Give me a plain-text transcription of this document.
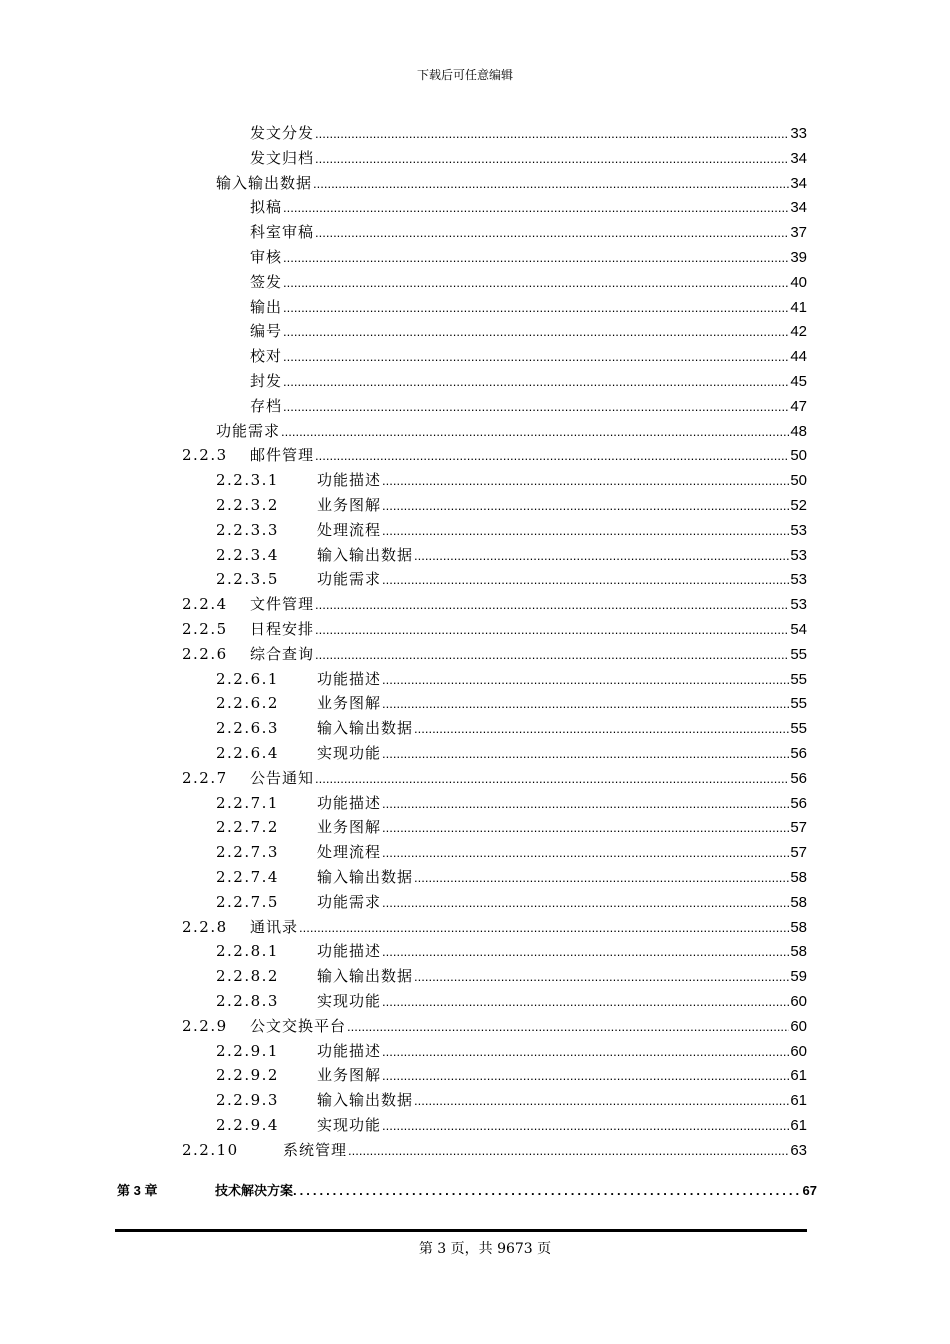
下载后可任意编辑
发文分发 .....	33
发文归档 .....	34
输入输出数据 .....	34
拟稿 .....	34
科室审稿 .....	37
审核 .....	39
签发 .....	40
输出 .....	41
编号 .....	42
校对 .....	44
封发 .....	45
存档 .....	47
功能需求 .....	48
2.2.3	邮件管理 .....	50
2.2.3.1	功能描述 .....	50
2.2.3.2	业务图解 .....	52
2.2.3.3	处理流程 .....	53
2.2.3.4	输入输出数据 .....	53
2.2.3.5	功能需求 .....	53
2.2.4	文件管理 .....	53
2.2.5	日程安排 .....	54
2.2.6	综合查询 .....	55
2.2.6.1	功能描述 .....	55
2.2.6.2	业务图解 .....	55
2.2.6.3	输入输出数据 .....	55
2.2.6.4	实现功能 .....	56
2.2.7	公告通知 .....	56
2.2.7.1	功能描述 .....	56
2.2.7.2	业务图解 .....	57
2.2.7.3	处理流程 .....	57
2.2.7.4	输入输出数据 .....	58
2.2.7.5	功能需求 .....	58
2.2.8	通讯录 .....	58
2.2.8.1	功能描述 .....	58
2.2.8.2	输入输出数据 .....	59
2.2.8.3	实现功能 .....	60
2.2.9	公文交换平台 .....	60
2.2.9.1	功能描述 .....	60
2.2.9.2	业务图解 .....	61
2.2.9.3	输入输出数据 .....	61
2.2.9.4	实现功能 .....	61
2.2.10	系统管理 .....	63
第 3 章	技术解决方案 .....	67
第 3 页，共 9673 页
